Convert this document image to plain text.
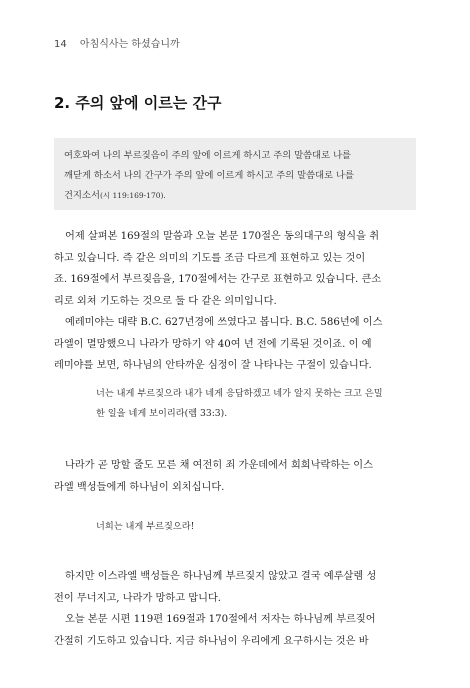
14 아침식사는 하셨습니까
2. 주의 앞에 이르는 간구

여호와여 나의 부르짖음이 주의 앞에 이르게 하시고 주의 말씀대로 나를

깨닫게 하소서 나의 간구가 주의 앞에 이르게 하시고 주의 말씀대로 나를

건지소서(시 119:169-170).

어제 살펴본 169절의 말씀과 오늘 본문 170절은 동의대구의 형식을 취

하고 있습니다. 즉 같은 의미의 기도를 조금 다르게 표현하고 있는 것이

죠. 169절에서 부르짖음을, 170절에서는 간구로 표현하고 있습니다. 큰소

리로 외쳐 기도하는 것으로 둘 다 같은 의미입니다.

예레미야는 대략 B.C. 627년경에 쓰였다고 봅니다. B.C. 586년에 이스

라엘이 멸망했으니 나라가 망하기 약 40여 년 전에 기록된 것이죠. 이 예

레미야를 보면, 하나님의 안타까운 심정이 잘 나타나는 구절이 있습니다.

너는 내게 부르짖으라 내가 네게 응답하겠고 네가 알지 못하는 크고 은밀

한 일을 네게 보이리라(렘 33:3).

나라가 곧 망할 줄도 모른 채 여전히 죄 가운데에서 희희낙락하는 이스

라엘 백성들에게 하나님이 외치십니다.

너희는 내게 부르짖으라!

하지만 이스라엘 백성들은 하나님께 부르짖지 않았고 결국 예루살렘 성

전이 무너지고, 나라가 망하고 맙니다.

오늘 본문 시편 119편 169절과 170절에서 저자는 하나님께 부르짖어

간절히 기도하고 있습니다. 지금 하나님이 우리에게 요구하시는 것은 바
